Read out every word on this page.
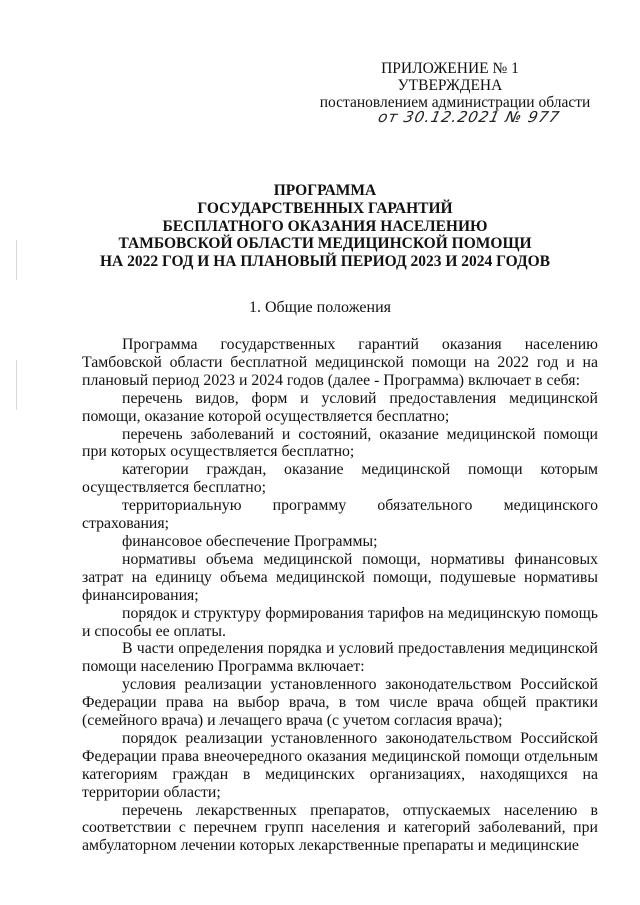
ПРИЛОЖЕНИЕ № 1
УТВЕРЖДЕНА
постановлением администрации области
от 30.12.2021 № 977
ПРОГРАММА
ГОСУДАРСТВЕННЫХ ГАРАНТИЙ
БЕСПЛАТНОГО ОКАЗАНИЯ НАСЕЛЕНИЮ
ТАМБОВСКОЙ ОБЛАСТИ МЕДИЦИНСКОЙ ПОМОЩИ
НА 2022 ГОД И НА ПЛАНОВЫЙ ПЕРИОД 2023 И 2024 ГОДОВ
1. Общие положения

Программа государственных гарантий оказания населению Тамбовской области бесплатной медицинской помощи на 2022 год и на плановый период 2023 и 2024 годов (далее - Программа) включает в себя:

перечень видов, форм и условий предоставления медицинской помощи, оказание которой осуществляется бесплатно;

перечень заболеваний и состояний, оказание медицинской помощи при которых осуществляется бесплатно;

категории граждан, оказание медицинской помощи которым осуществляется бесплатно;

территориальную программу обязательного медицинского страхования;

финансовое обеспечение Программы;

нормативы объема медицинской помощи, нормативы финансовых затрат на единицу объема медицинской помощи, подушевые нормативы финансирования;

порядок и структуру формирования тарифов на медицинскую помощь и способы ее оплаты.

В части определения порядка и условий предоставления медицинской помощи населению Программа включает:

условия реализации установленного законодательством Российской Федерации права на выбор врача, в том числе врача общей практики (семейного врача) и лечащего врача (с учетом согласия врача);

порядок реализации установленного законодательством Российской Федерации права внеочередного оказания медицинской помощи отдельным категориям граждан в медицинских организациях, находящихся на территории области;

перечень лекарственных препаратов, отпускаемых населению в соответствии с перечнем групп населения и категорий заболеваний, при амбулаторном лечении которых лекарственные препараты и медицинские
